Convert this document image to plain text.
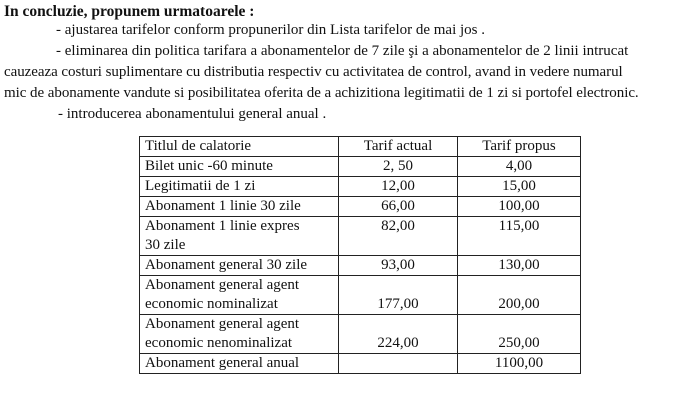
In concluzie, propunem urmatoarele :
- ajustarea tarifelor conform propunerilor din Lista tarifelor de mai jos .
- eliminarea din politica tarifara a abonamentelor de 7 zile şi a abonamentelor de 2 linii intrucat
cauzeaza costuri suplimentare cu distributia respectiv cu activitatea de control, avand in vedere numarul
mic de abonamente vandute si posibilitatea oferita de a achizitiona legitimatii de 1 zi si portofel electronic.
- introducerea abonamentului general anual .
Titlul de calatorie	Tarif actual	Tarif propus
Bilet unic -60 minute	2, 50	4,00
Legitimatii de 1 zi	12,00	15,00
Abonament 1 linie 30 zile	66,00	100,00

Abonament 1 linie expres
30 zile	82,00	115,00
Abonament general 30 zile	93,00	130,00

Abonament general agent
economic nominalizat	177,00	200,00

Abonament general agent
economic nenominalizat	224,00	250,00
Abonament general anual		1100,00
